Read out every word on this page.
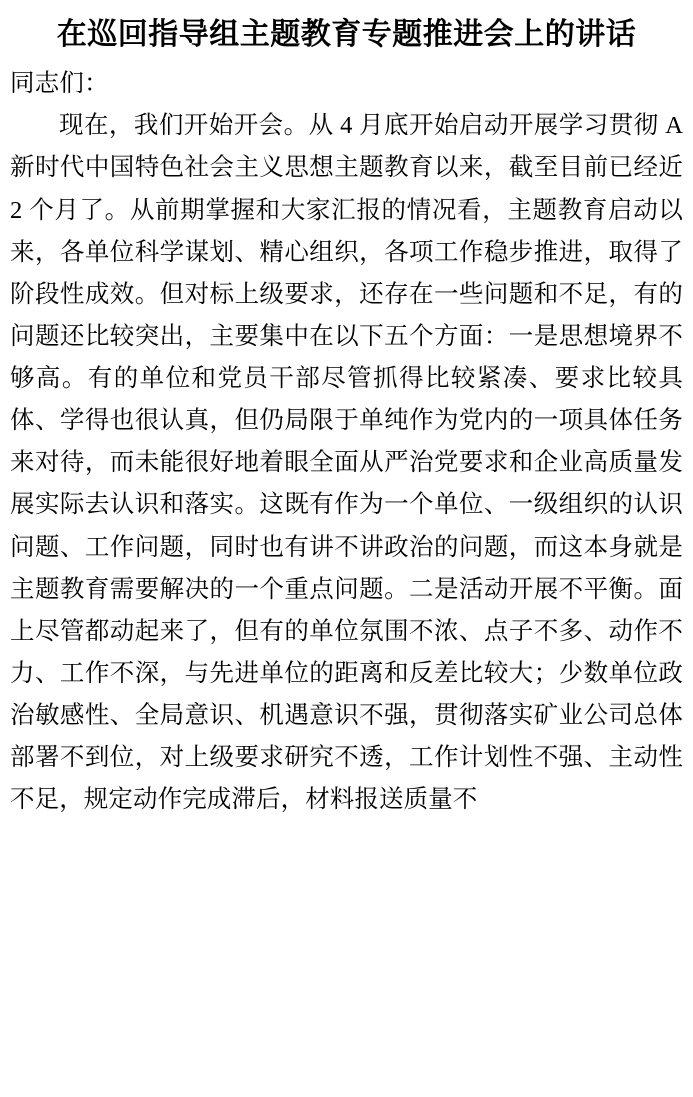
在巡回指导组主题教育专题推进会上的讲话

同志们：

现在，我们开始开会。从 4 月底开始启动开展学习贯彻 A 新时代中国特色社会主义思想主题教育以来，截至目前已经近 2 个月了。从前期掌握和大家汇报的情况看，主题教育启动以来，各单位科学谋划、精心组织，各项工作稳步推进，取得了阶段性成效。但对标上级要求，还存在一些问题和不足，有的问题还比较突出，主要集中在以下五个方面：一是思想境界不够高。有的单位和党员干部尽管抓得比较紧凑、要求比较具体、学得也很认真，但仍局限于单纯作为党内的一项具体任务来对待，而未能很好地着眼全面从严治党要求和企业高质量发展实际去认识和落实。这既有作为一个单位、一级组织的认识问题、工作问题，同时也有讲不讲政治的问题，而这本身就是主题教育需要解决的一个重点问题。二是活动开展不平衡。面上尽管都动起来了，但有的单位氛围不浓、点子不多、动作不力、工作不深，与先进单位的距离和反差比较大；少数单位政治敏感性、全局意识、机遇意识不强，贯彻落实矿业公司总体部署不到位，对上级要求研究不透，工作计划性不强、主动性不足，规定动作完成滞后，材料报送质量不
